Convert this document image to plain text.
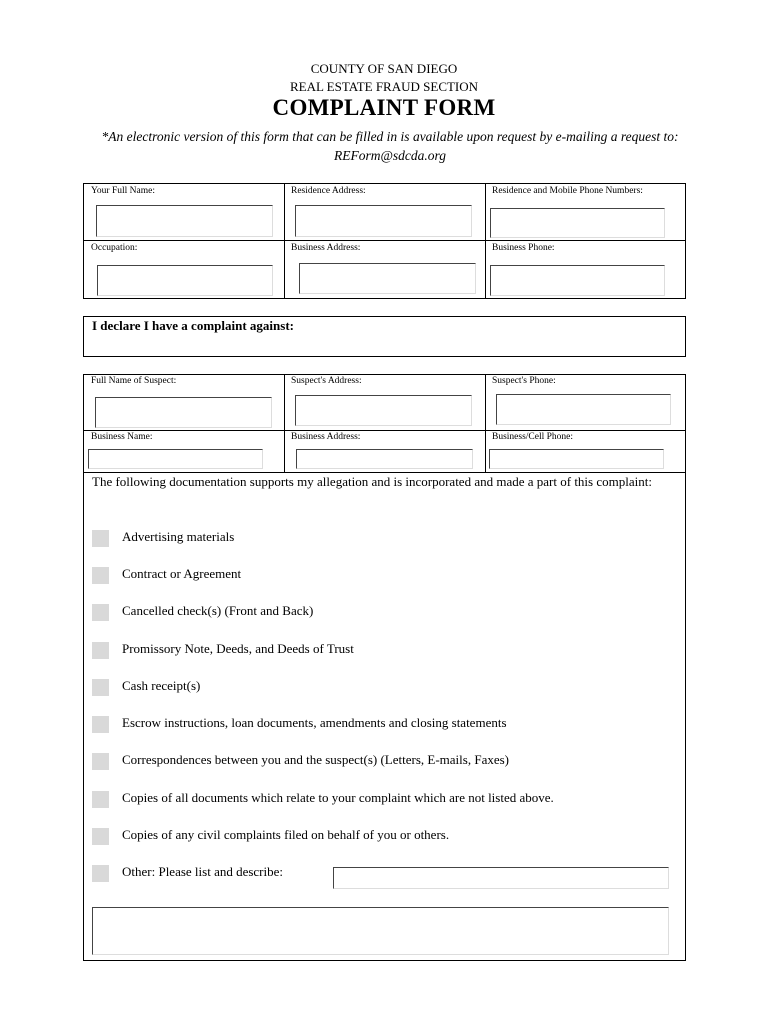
COUNTY OF SAN DIEGO
REAL ESTATE FRAUD SECTION
COMPLAINT FORM
*An electronic version of this form that can be filled in is available upon request by e-mailing a request to: REForm@sdcda.org
Your Full Name:	Residence Address:	Residence and Mobile Phone Numbers:
Occupation:	Business Address:	Business Phone:
I declare I have a complaint against:
Full Name of Suspect:	Suspect's Address:	Suspect's Phone:
Business Name:	Business Address:	Business/Cell Phone:
The following documentation supports my allegation and is incorporated and made a part of this complaint:
Advertising materials
Contract or Agreement
Cancelled check(s) (Front and Back)
Promissory Note, Deeds, and Deeds of Trust
Cash receipt(s)
Escrow instructions, loan documents, amendments and closing statements
Correspondences between you and the suspect(s) (Letters, E-mails, Faxes)
Copies of all documents which relate to your complaint which are not listed above.
Copies of any civil complaints filed on behalf of you or others.
Other: Please list and describe:
